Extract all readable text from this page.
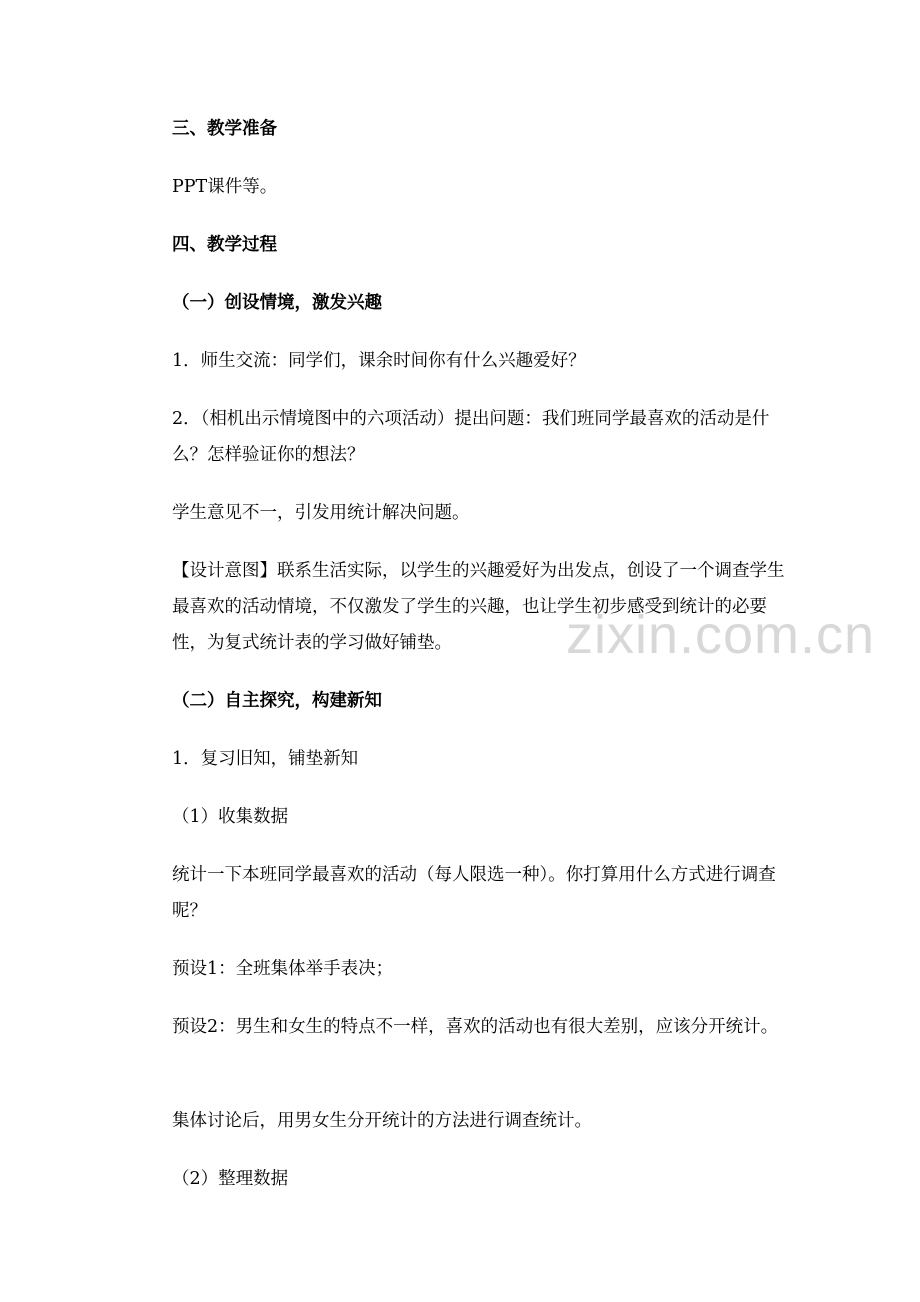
zixin.com.cn
三、教学准备
PPT课件等。
四、教学过程
（一）创设情境，激发兴趣
1．师生交流：同学们，课余时间你有什么兴趣爱好？
2．（相机出示情境图中的六项活动）提出问题：我们班同学最喜欢的活动是什么？怎样验证你的想法？
学生意见不一，引发用统计解决问题。
【设计意图】联系生活实际，以学生的兴趣爱好为出发点，创设了一个调查学生最喜欢的活动情境，不仅激发了学生的兴趣，也让学生初步感受到统计的必要性，为复式统计表的学习做好铺垫。
（二）自主探究，构建新知
1．复习旧知，铺垫新知
（1）收集数据
统计一下本班同学最喜欢的活动（每人限选一种）。你打算用什么方式进行调查呢？
预设1：全班集体举手表决；
预设2：男生和女生的特点不一样，喜欢的活动也有很大差别，应该分开统计。
集体讨论后，用男女生分开统计的方法进行调查统计。
（2）整理数据
